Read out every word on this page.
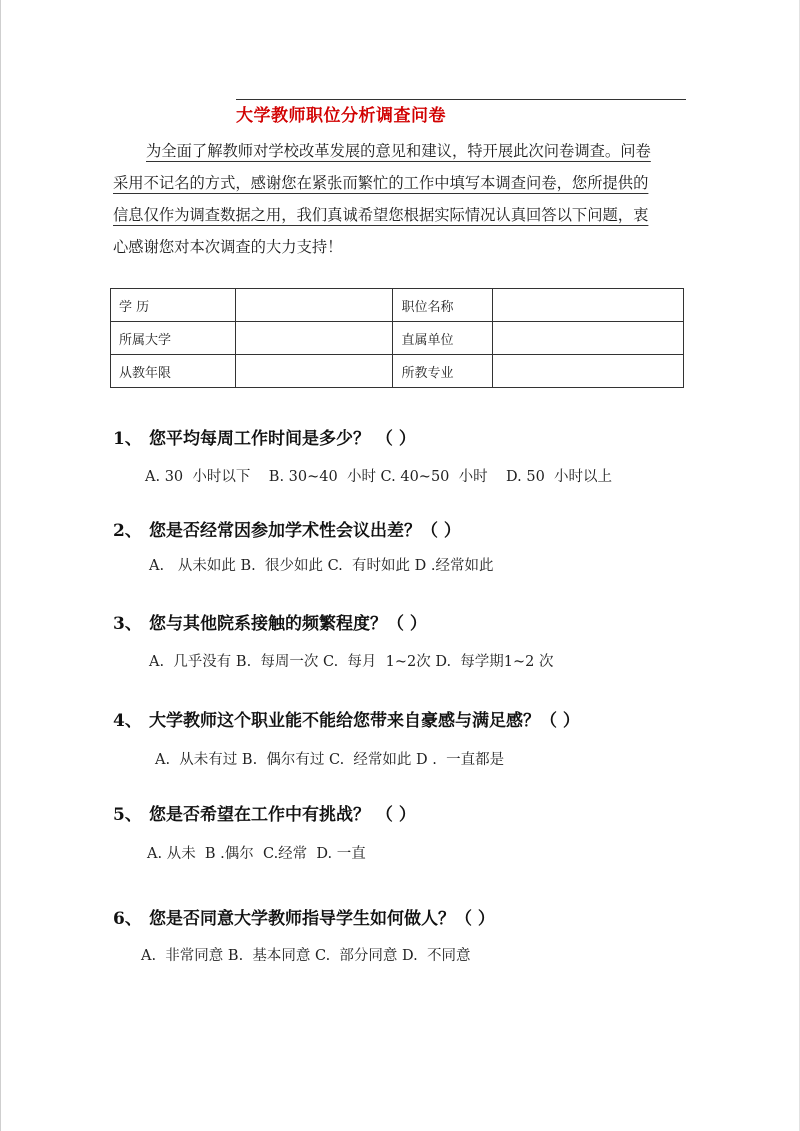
大学教师职位分析调查问卷
为全面了解教师对学校改革发展的意见和建议，特开展此次问卷调查。问卷
采用不记名的方式，感谢您在紧张而繁忙的工作中填写本调查问卷，您所提供的
信息仅作为调查数据之用，我们真诚希望您根据实际情况认真回答以下问题，衷
心感谢您对本次调查的大力支持！
学 历		职位名称	
所属大学		直属单位	
从教年限		所教专业	
1、 您平均每周工作时间是多少？ （ ）
A. 30  小时以下    B. 30~40  小时 C. 40~50  小时    D. 50  小时以上
2、 您是否经常因参加学术性会议出差？（ ）
A.   从未如此 B.  很少如此 C.  有时如此 D .经常如此
3、 您与其他院系接触的频繁程度？（ ）
A.  几乎没有 B.  每周一次 C.  每月  1~2次 D.  每学期1~2 次
4、 大学教师这个职业能不能给您带来自豪感与满足感？（ ）
A.  从未有过 B.  偶尔有过 C.  经常如此 D .  一直都是
5、 您是否希望在工作中有挑战？ （ ）
A. 从未  B .偶尔  C.经常  D. 一直
6、 您是否同意大学教师指导学生如何做人？（ ）
A.  非常同意 B.  基本同意 C.  部分同意 D.  不同意
